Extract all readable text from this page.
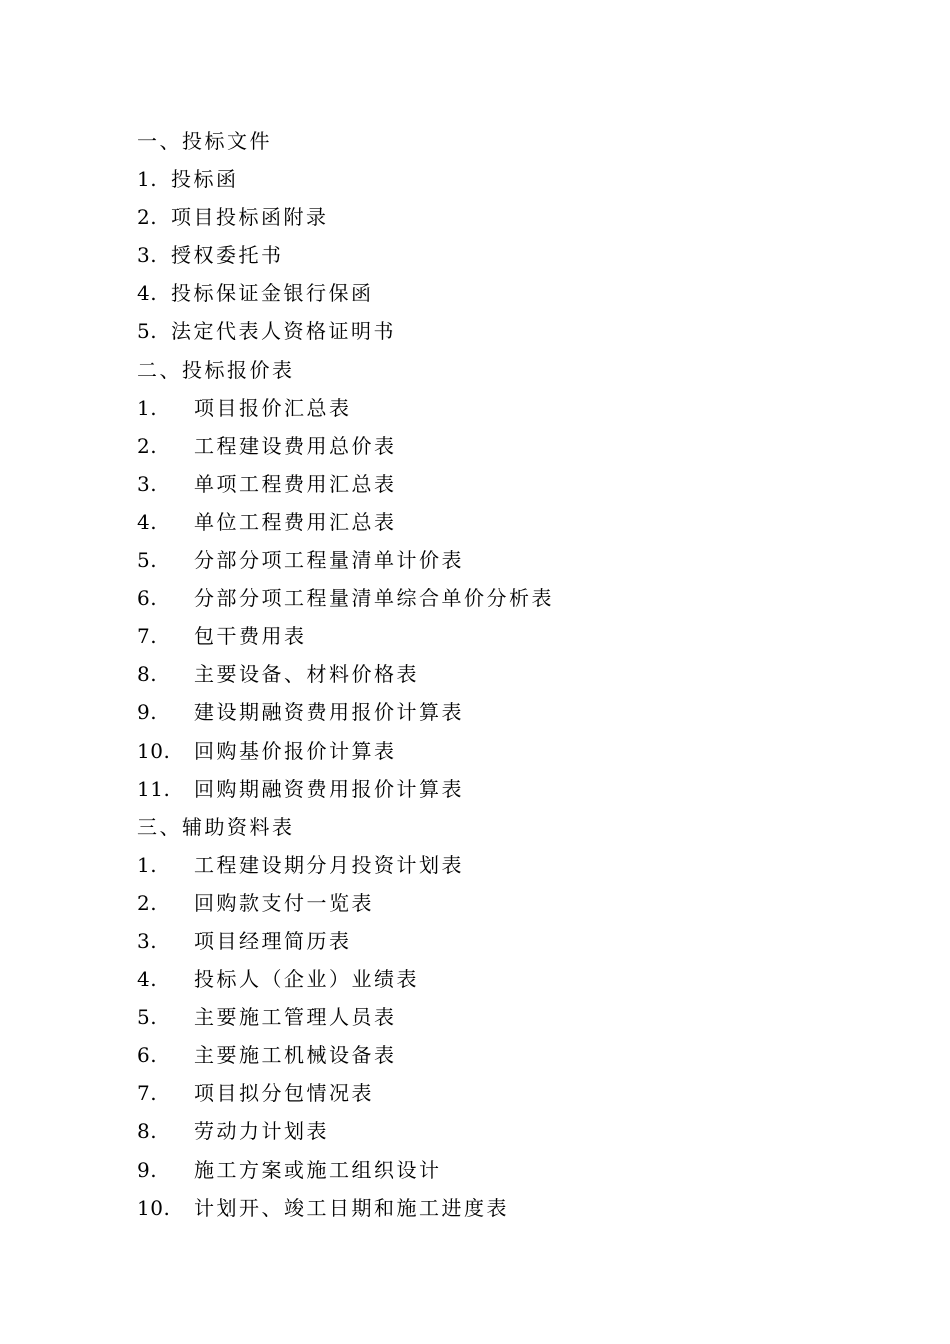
一、投标文件
1. 投标函
2. 项目投标函附录
3. 授权委托书
4. 投标保证金银行保函
5. 法定代表人资格证明书
二、投标报价表
1. 项目报价汇总表
2. 工程建设费用总价表
3. 单项工程费用汇总表
4. 单位工程费用汇总表
5. 分部分项工程量清单计价表
6. 分部分项工程量清单综合单价分析表
7. 包干费用表
8. 主要设备、材料价格表
9. 建设期融资费用报价计算表
10. 回购基价报价计算表
11. 回购期融资费用报价计算表
三、辅助资料表
1. 工程建设期分月投资计划表
2. 回购款支付一览表
3. 项目经理简历表
4. 投标人（企业）业绩表
5. 主要施工管理人员表
6. 主要施工机械设备表
7. 项目拟分包情况表
8. 劳动力计划表
9. 施工方案或施工组织设计
10. 计划开、竣工日期和施工进度表
